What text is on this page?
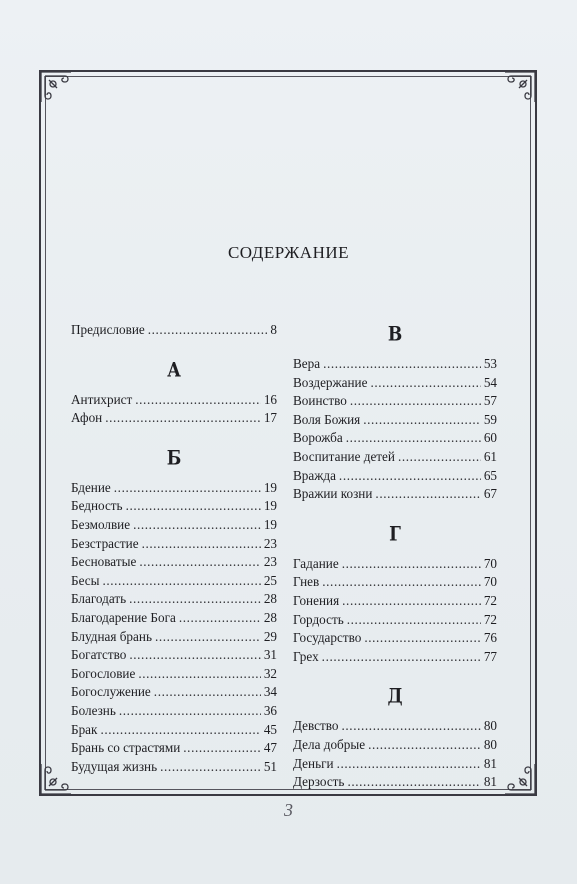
СОДЕРЖАНИЕ
Предисловие .....	8
А
Антихрист .....	16
Афон .....	17
Б
Бдение .....	19
Бедность .....	19
Безмолвие .....	19
Безстрастие .....	23
Бесноватые .....	23
Бесы .....	25
Благодать .....	28
Благодарение Бога .....	28
Блудная брань .....	29
Богатство .....	31
Богословие .....	32
Богослужение .....	34
Болезнь .....	36
Брак .....	45
Брань со страстями .....	47
Будущая жизнь .....	51
В
Вера .....	53
Воздержание .....	54
Воинство .....	57
Воля Божия .....	59
Ворожба .....	60
Воспитание детей .....	61
Вражда .....	65
Вражии козни .....	67
Г
Гадание .....	70
Гнев .....	70
Гонения .....	72
Гордость .....	72
Государство .....	76
Грех .....	77
Д
Девство .....	80
Дела добрые .....	80
Деньги .....	81
Дерзость .....	81
3
